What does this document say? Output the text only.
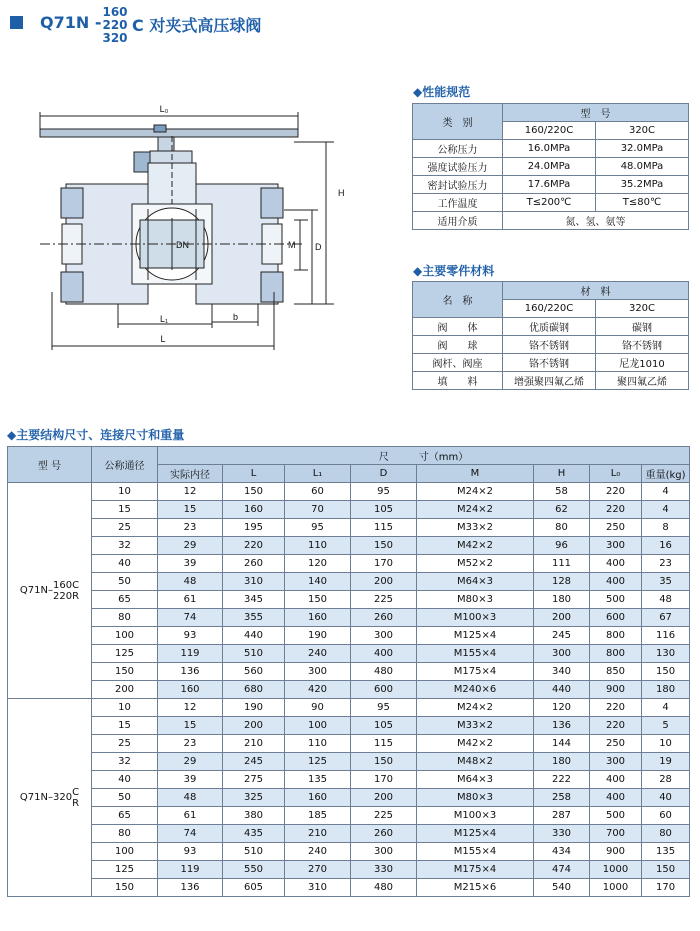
Q71N -
160
220
320
C 对夹式高压球阀
L₀
H
M D
DN
L₁	b
L
◆性能规范
类　别	型　号	
	160/220C	320C
公称压力	16.0MPa	32.0MPa
强度试验压力	24.0MPa	48.0MPa
密封试验压力	17.6MPa	35.2MPa
工作温度	T≤200℃	T≤80℃
适用介质	氮、氢、氨等	
◆主要零件材料
名　称	材　料	
	160/220C	320C
阀　　体	优质碳钢	碳钢
阀　　球	铬不锈钢	铬不锈钢
阀杆、阀座	铬不锈钢	尼龙1010
填　　料	增强聚四氟乙烯	聚四氟乙烯
◆主要结构尺寸、连接尺寸和重量
型 号	公称通径	尺　　　寸（mm）							
		实际内径	L	L₁	D	M	H	L₀	重量(kg)

Q71N– 160C
220R	10	12	150	60	95	M24×2	58	220	4
	15	15	160	70	105	M24×2	62	220	4
	25	23	195	95	115	M33×2	80	250	8
	32	29	220	110	150	M42×2	96	300	16
	40	39	260	120	170	M52×2	111	400	23
	50	48	310	140	200	M64×3	128	400	35
	65	61	345	150	225	M80×3	180	500	48
	80	74	355	160	260	M100×3	200	600	67
	100	93	440	190	300	M125×4	245	800	116
	125	119	510	240	400	M155×4	300	800	130
	150	136	560	300	480	M175×4	340	850	150
	200	160	680	420	600	M240×6	440	900	180

Q71N–320 C
R	10	12	190	90	95	M24×2	120	220	4
	15	15	200	100	105	M33×2	136	220	5
	25	23	210	110	115	M42×2	144	250	10
	32	29	245	125	150	M48×2	180	300	19
	40	39	275	135	170	M64×3	222	400	28
	50	48	325	160	200	M80×3	258	400	40
	65	61	380	185	225	M100×3	287	500	60
	80	74	435	210	260	M125×4	330	700	80
	100	93	510	240	300	M155×4	434	900	135
	125	119	550	270	330	M175×4	474	1000	150
	150	136	605	310	480	M215×6	540	1000	170
